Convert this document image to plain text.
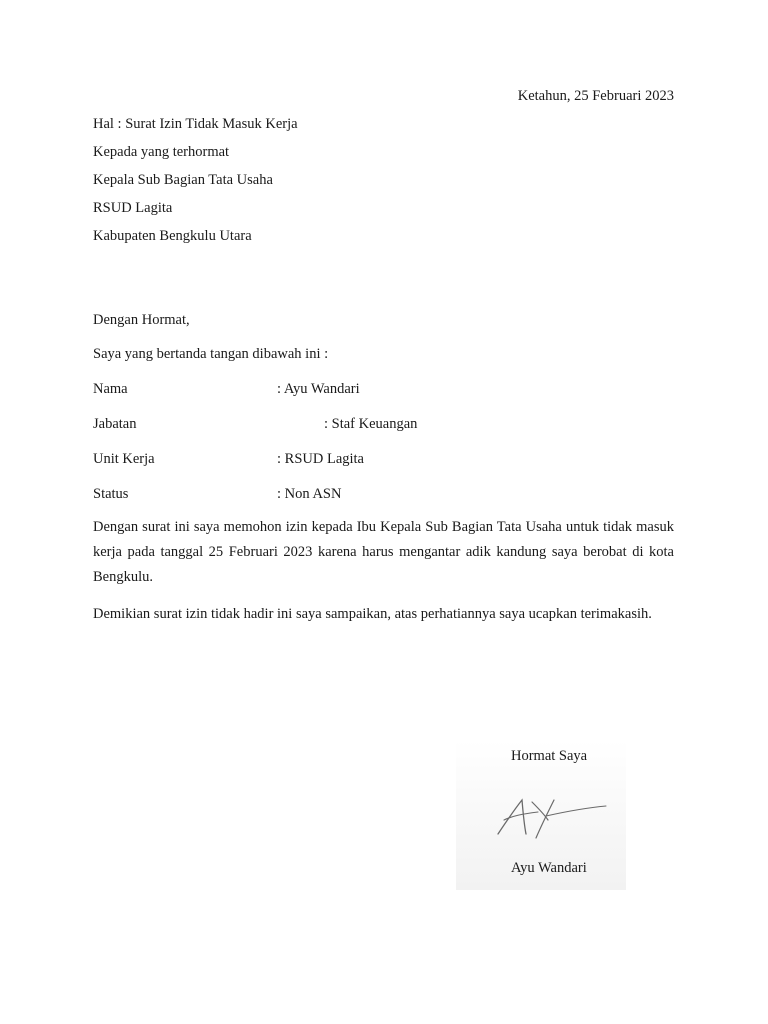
Ketahun, 25 Februari 2023
Hal : Surat Izin Tidak Masuk Kerja
Kepada yang terhormat
Kepala Sub Bagian Tata Usaha
RSUD Lagita
Kabupaten Bengkulu Utara
Dengan Hormat,
Saya yang bertanda tangan dibawah ini :
Nama	: Ayu Wandari
Jabatan	: Staf Keuangan
Unit Kerja	: RSUD Lagita
Status	: Non ASN
Dengan surat ini saya memohon izin kepada Ibu Kepala Sub Bagian Tata Usaha untuk tidak masuk kerja pada tanggal 25 Februari 2023 karena harus mengantar adik kandung saya berobat di kota Bengkulu.
Demikian surat izin tidak hadir ini saya sampaikan, atas perhatiannya saya ucapkan terimakasih.
Hormat Saya
Ayu Wandari
